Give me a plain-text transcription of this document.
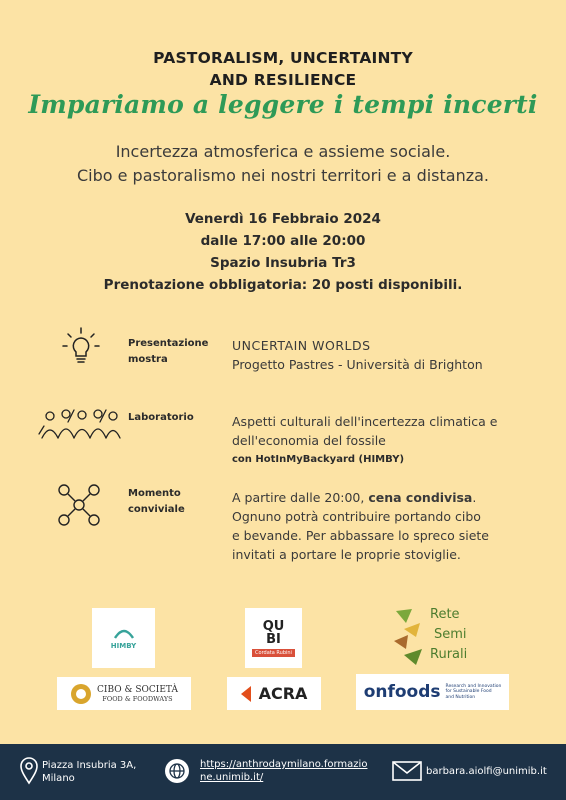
PASTORALISM, UNCERTAINTY
AND RESILIENCE
Impariamo a leggere i tempi incerti
Incertezza atmosferica e assieme sociale.
Cibo e pastoralismo nei nostri territori e a distanza.
Venerdì 16 Febbraio 2024
dalle 17:00 alle 20:00
Spazio Insubria Tr3
Prenotazione obbligatoria: 20 posti disponibili.
Presentazione mostra
UNCERTAIN WORLDS
Progetto Pastres - Università di Brighton
Laboratorio	Aspetti culturali dell'incertezza climatica e
dell'economia del fossile
con HotInMyBackyard (HIMBY)
Momento conviviale
A partire dalle 20:00, cena condivisa.
Ognuno potrà contribuire portando cibo
e bevande. Per abbassare lo spreco siete
invitati a portare le proprie stoviglie.
HIMBY
QU
BI
Cordata Rubini
Rete
Semi
Rurali
CIBO & SOCIETÀ
FOOD & FOODWAYS	ACRA	onfoods Research and Innovation
for Sustainable Food
and Nutrition
Piazza Insubria 3A,
Milano
https://anthrodaymilano.formazio
ne.unimib.it/
barbara.aiolfi@unimib.it
